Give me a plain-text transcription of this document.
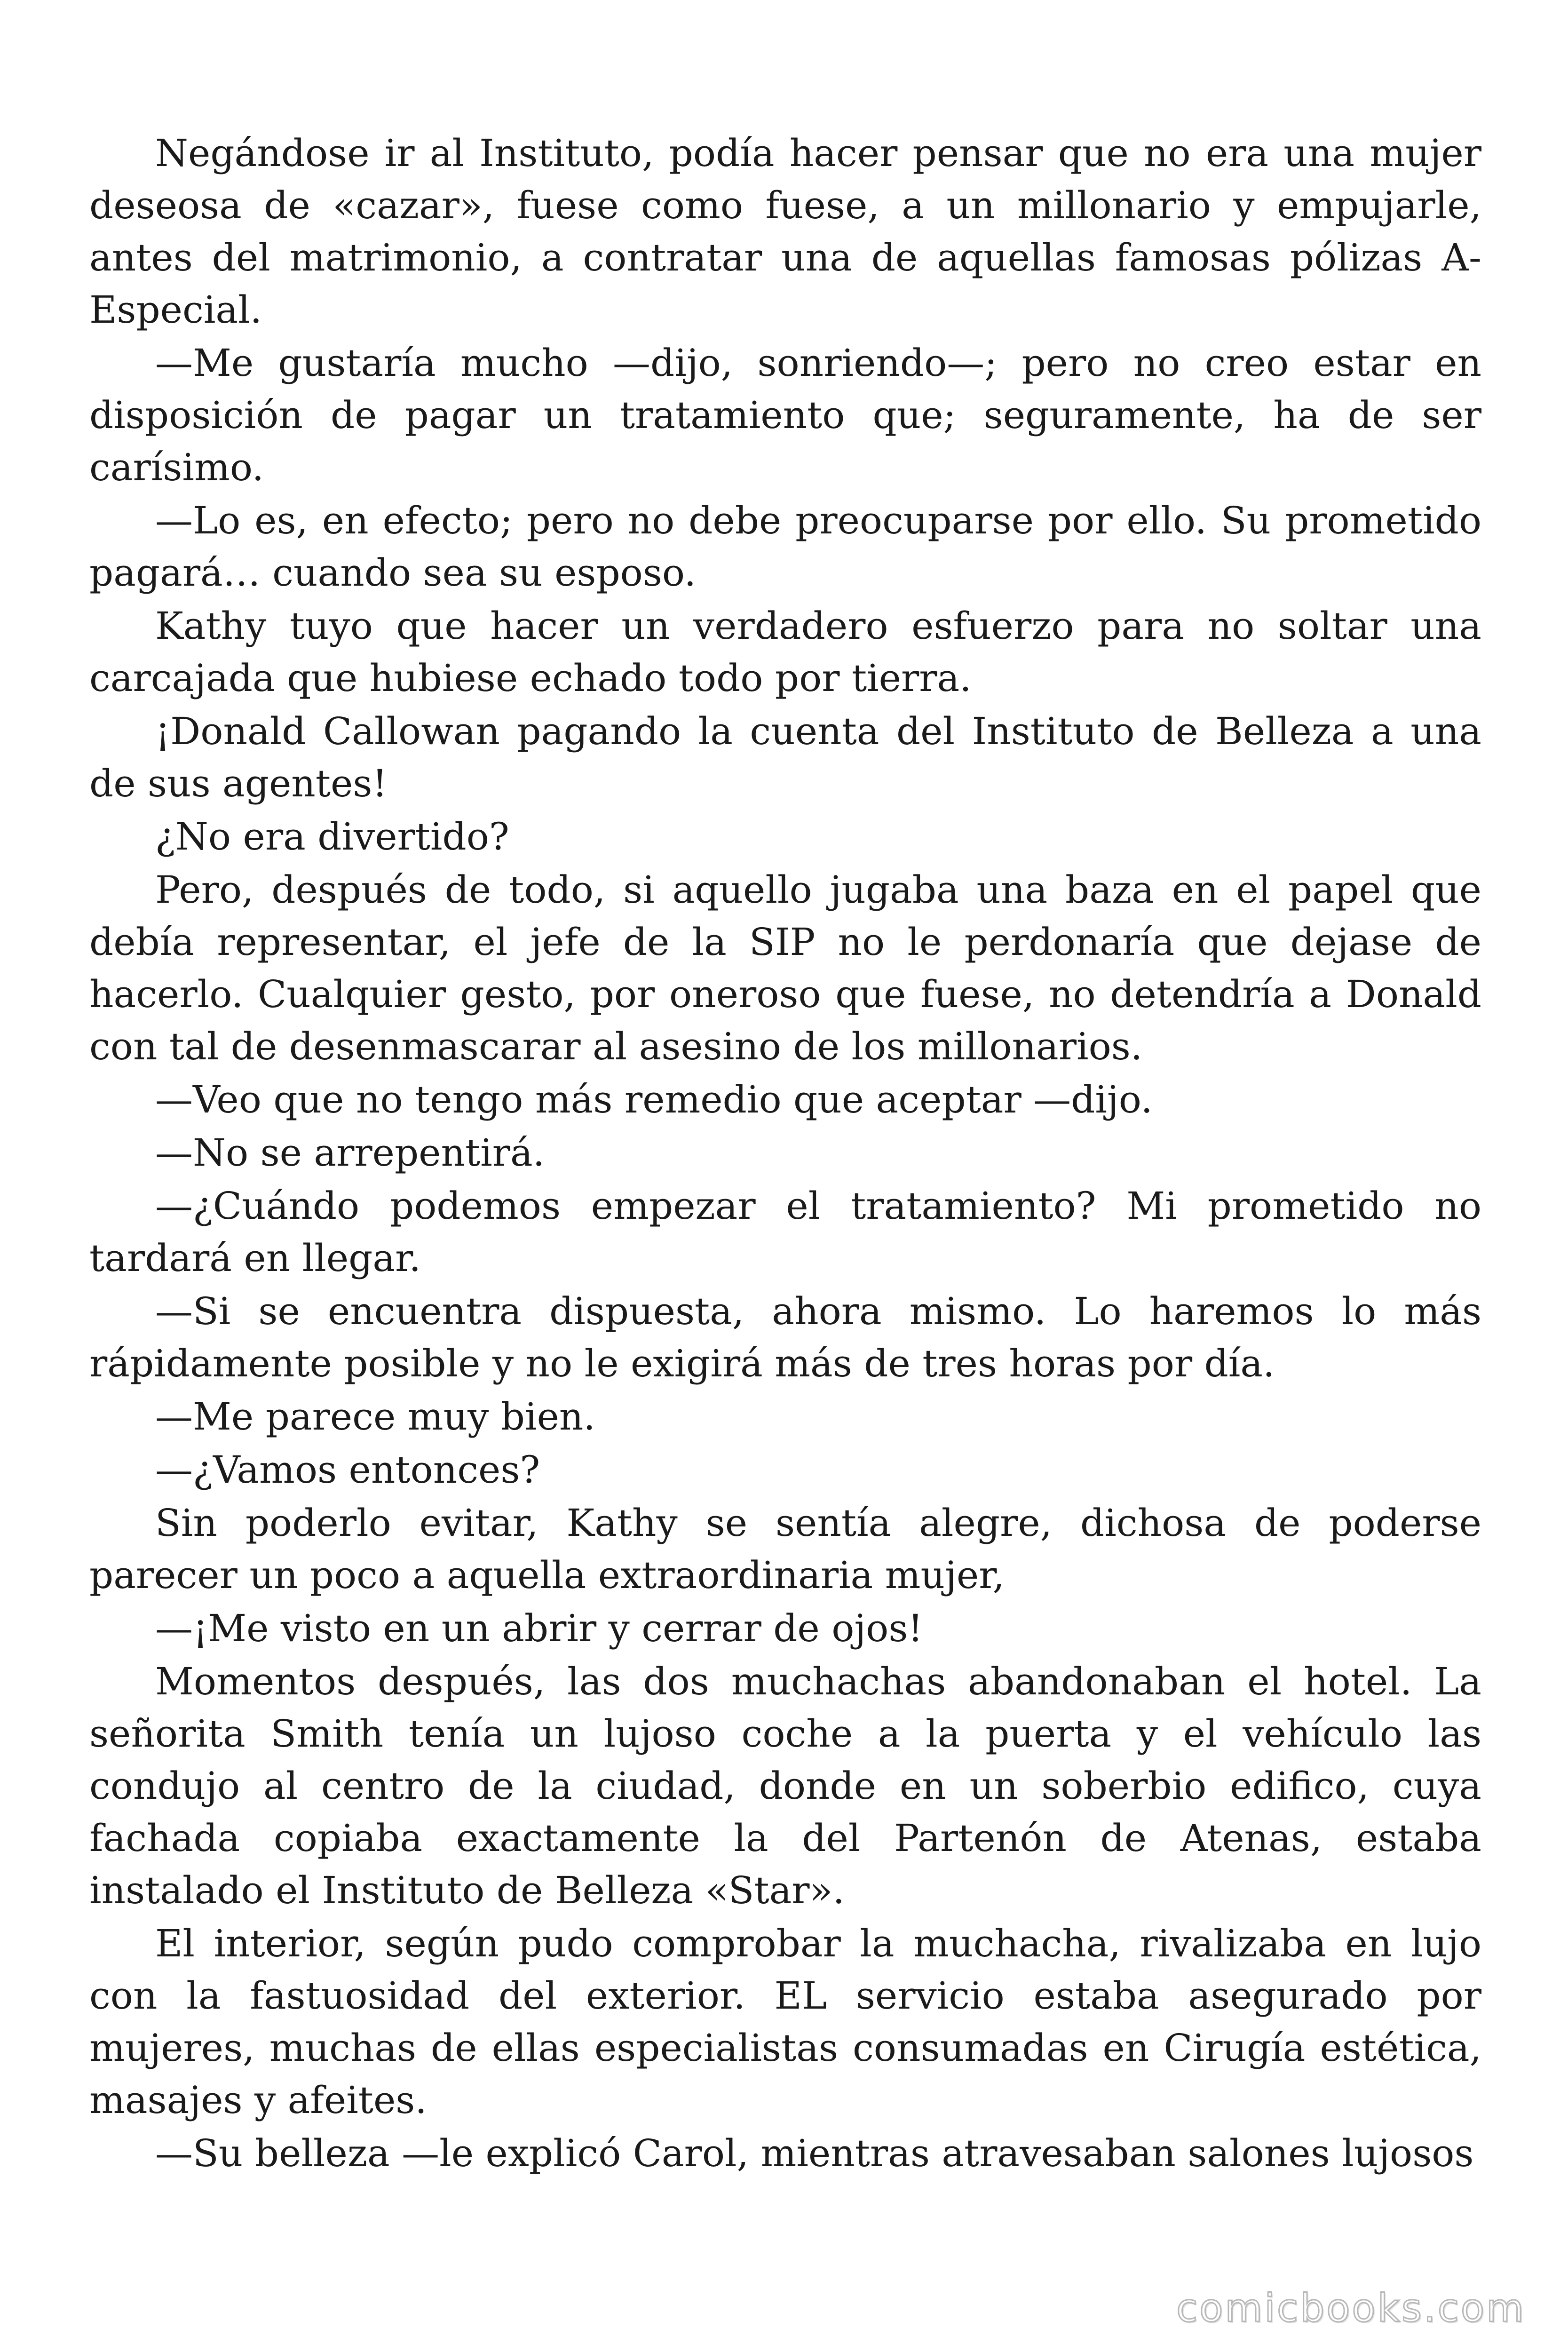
Negándose ir al Instituto, podía hacer pensar que no era una mujer deseosa de «cazar», fuese como fuese, a un millonario y empujarle, antes del matrimonio, a contratar una de aquellas famosas pólizas A-Especial.

—Me gustaría mucho —dijo, sonriendo—; pero no creo estar en disposición de pagar un tratamiento que; seguramente, ha de ser carísimo.

—Lo es, en efecto; pero no debe preocuparse por ello. Su prometido pagará… cuando sea su esposo.

Kathy tuyo que hacer un verdadero esfuerzo para no soltar una carcajada que hubiese echado todo por tierra.

¡Donald Callowan pagando la cuenta del Instituto de Belleza a una de sus agentes!

¿No era divertido?

Pero, después de todo, si aquello jugaba una baza en el papel que debía representar, el jefe de la SIP no le perdonaría que dejase de hacerlo. Cualquier gesto, por oneroso que fuese, no detendría a Donald con tal de desenmascarar al asesino de los millonarios.

—Veo que no tengo más remedio que aceptar —dijo.

—No se arrepentirá.

—¿Cuándo podemos empezar el tratamiento? Mi prometido no tardará en llegar.

—Si se encuentra dispuesta, ahora mismo. Lo haremos lo más rápidamente posible y no le exigirá más de tres horas por día.

—Me parece muy bien.

—¿Vamos entonces?

Sin poderlo evitar, Kathy se sentía alegre, dichosa de poderse parecer un poco a aquella extraordinaria mujer,

—¡Me visto en un abrir y cerrar de ojos!

Momentos después, las dos muchachas abandonaban el hotel. La señorita Smith tenía un lujoso coche a la puerta y el vehículo las condujo al centro de la ciudad, donde en un soberbio edifico, cuya fachada copiaba exactamente la del Partenón de Atenas, estaba instalado el Instituto de Belleza «Star».

El interior, según pudo comprobar la muchacha, rivalizaba en lujo con la fastuosidad del exterior. EL servicio estaba asegurado por mujeres, muchas de ellas especialistas consumadas en Cirugía estética, masajes y afeites.

—Su belleza —le explicó Carol, mientras atravesaban salones lujosos

comicbooks.com
